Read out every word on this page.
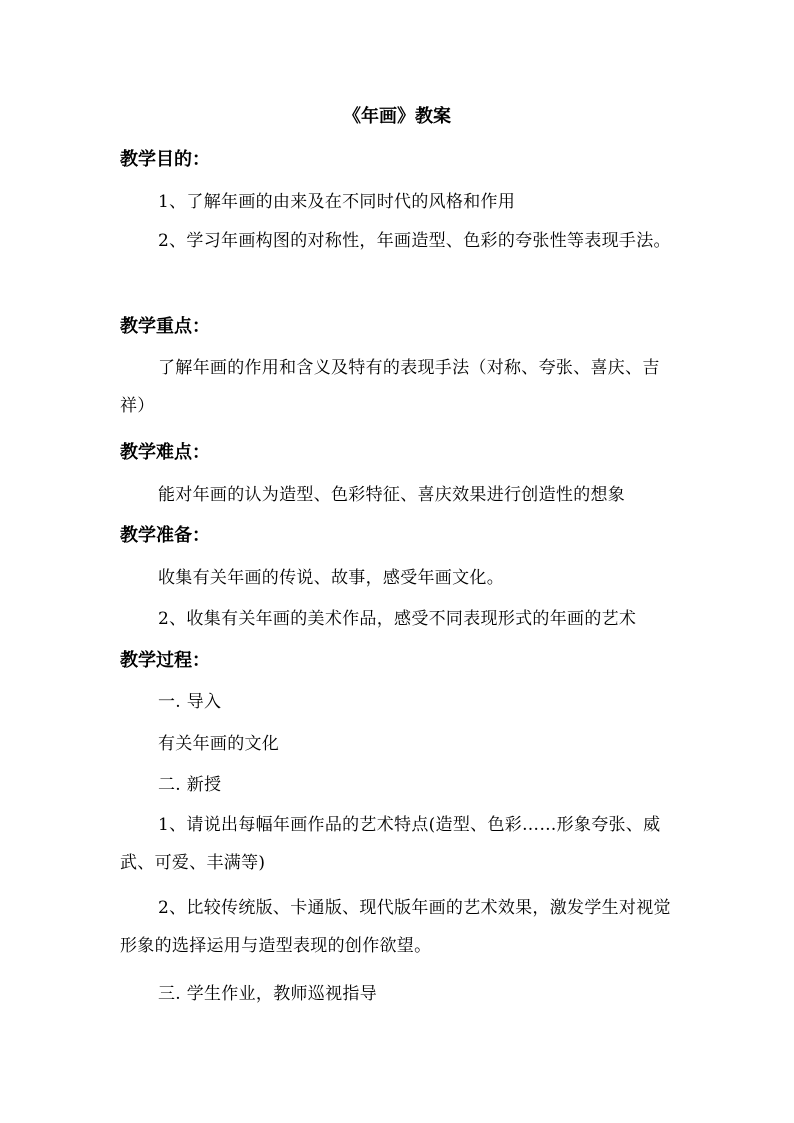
《年画》教案
教学目的：
1、了解年画的由来及在不同时代的风格和作用
2、学习年画构图的对称性，年画造型、色彩的夸张性等表现手法。
教学重点：
了解年画的作用和含义及特有的表现手法（对称、夸张、喜庆、吉祥）
教学难点：
能对年画的认为造型、色彩特征、喜庆效果进行创造性的想象
教学准备：
收集有关年画的传说、故事，感受年画文化。
2、收集有关年画的美术作品，感受不同表现形式的年画的艺术
教学过程：
一. 导入
有关年画的文化
二. 新授
1、请说出每幅年画作品的艺术特点(造型、色彩……形象夸张、威武、可爱、丰满等)
2、比较传统版、卡通版、现代版年画的艺术效果，激发学生对视觉形象的选择运用与造型表现的创作欲望。
三. 学生作业，教师巡视指导
